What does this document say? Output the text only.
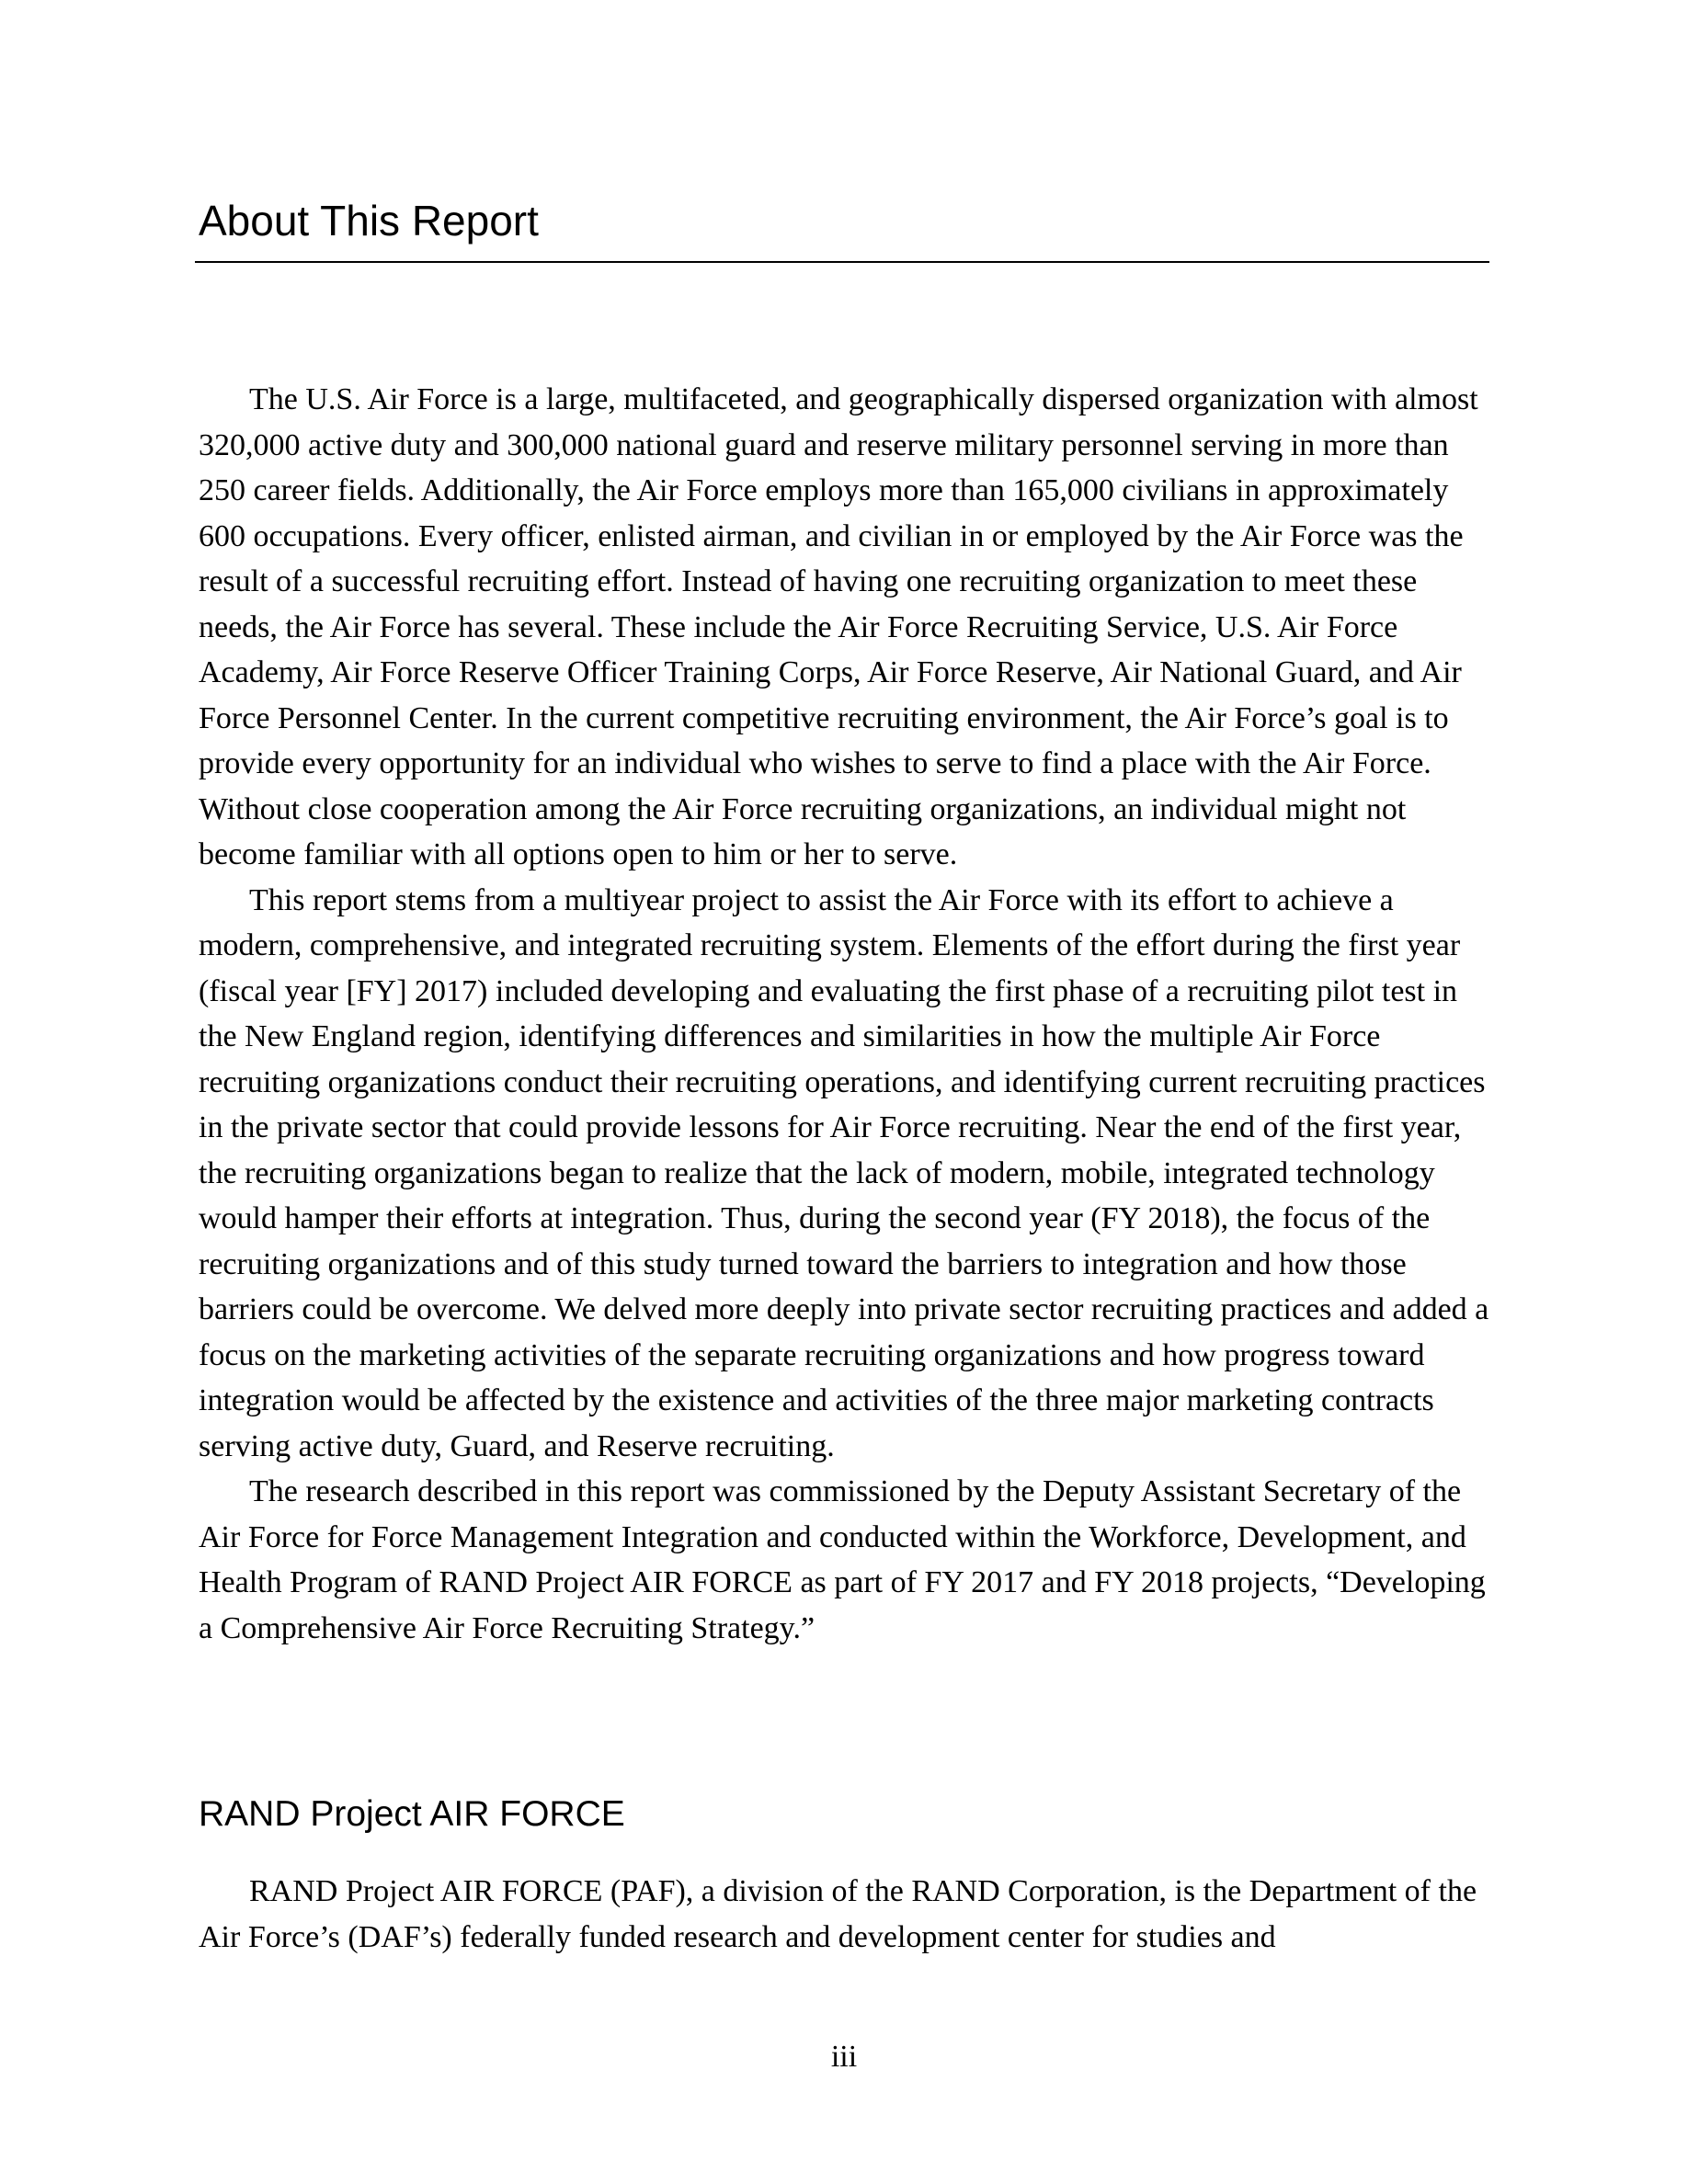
About This Report

The U.S. Air Force is a large, multifaceted, and geographically dispersed organization with almost 320,000 active duty and 300,000 national guard and reserve military personnel serving in more than 250 career fields. Additionally, the Air Force employs more than 165,000 civilians in approximately 600 occupations. Every officer, enlisted airman, and civilian in or employed by the Air Force was the result of a successful recruiting effort. Instead of having one recruiting organization to meet these needs, the Air Force has several. These include the Air Force Recruiting Service, U.S. Air Force Academy, Air Force Reserve Officer Training Corps, Air Force Reserve, Air National Guard, and Air Force Personnel Center. In the current competitive recruiting environment, the Air Force’s goal is to provide every opportunity for an individual who wishes to serve to find a place with the Air Force. Without close cooperation among the Air Force recruiting organizations, an individual might not become familiar with all options open to him or her to serve.

This report stems from a multiyear project to assist the Air Force with its effort to achieve a modern, comprehensive, and integrated recruiting system. Elements of the effort during the first year (fiscal year [FY] 2017) included developing and evaluating the first phase of a recruiting pilot test in the New England region, identifying differences and similarities in how the multiple Air Force recruiting organizations conduct their recruiting operations, and identifying current recruiting practices in the private sector that could provide lessons for Air Force recruiting. Near the end of the first year, the recruiting organizations began to realize that the lack of modern, mobile, integrated technology would hamper their efforts at integration. Thus, during the second year (FY 2018), the focus of the recruiting organizations and of this study turned toward the barriers to integration and how those barriers could be overcome. We delved more deeply into private sector recruiting practices and added a focus on the marketing activities of the separate recruiting organizations and how progress toward integration would be affected by the existence and activities of the three major marketing contracts serving active duty, Guard, and Reserve recruiting.

The research described in this report was commissioned by the Deputy Assistant Secretary of the Air Force for Force Management Integration and conducted within the Workforce, Development, and Health Program of RAND Project AIR FORCE as part of FY 2017 and FY 2018 projects, “Developing a Comprehensive Air Force Recruiting Strategy.”

RAND Project AIR FORCE

RAND Project AIR FORCE (PAF), a division of the RAND Corporation, is the Department of the Air Force’s (DAF’s) federally funded research and development center for studies and

iii
